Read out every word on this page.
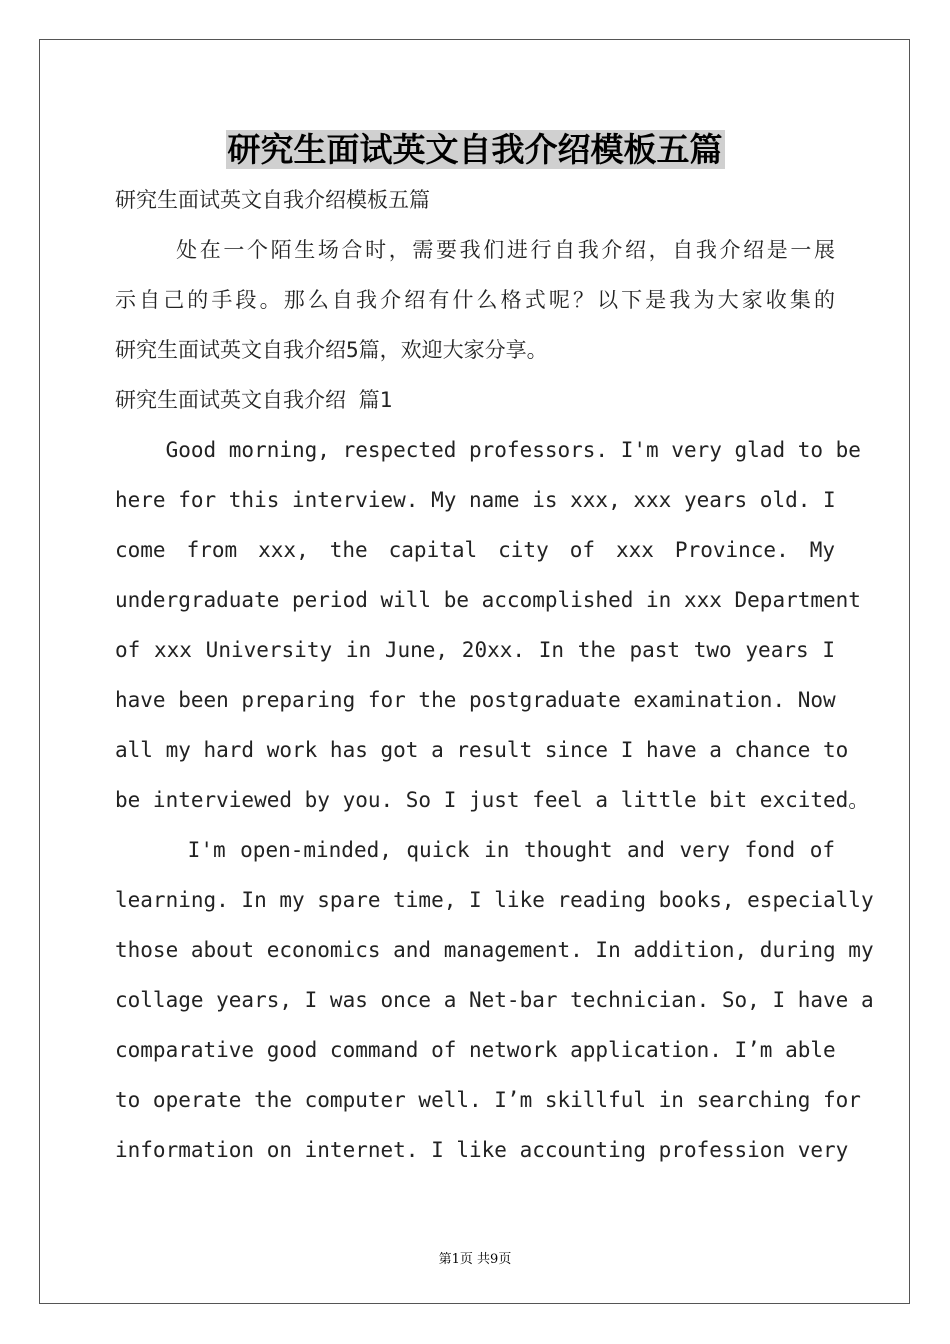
研究生面试英文自我介绍模板五篇
研究生面试英文自我介绍模板五篇
处在一个陌生场合时，需要我们进行自我介绍，自我介绍是一展
示自己的手段。那么自我介绍有什么格式呢？以下是我为大家收集的
研究生面试英文自我介绍5篇，欢迎大家分享。
研究生面试英文自我介绍 篇1
Good morning, respected professors. I'm very glad to be
here for this interview. My name is xxx, xxx years old. I
come from xxx, the capital city of xxx Province. My
undergraduate period will be accomplished in xxx Department
of xxx University in June, 20xx. In the past two years I
have been preparing for the postgraduate examination. Now
all my hard work has got a result since I have a chance to
be interviewed by you. So I just feel a little bit excited。
I'm open-minded, quick in thought and very fond of
learning. In my spare time, I like reading books, especially
those about economics and management. In addition, during my
collage years, I was once a Net-bar technician. So, I have a
comparative good command of network application. I’m able
to operate the computer well. I’m skillful in searching for
information on internet. I like accounting profession very
第1页 共9页
